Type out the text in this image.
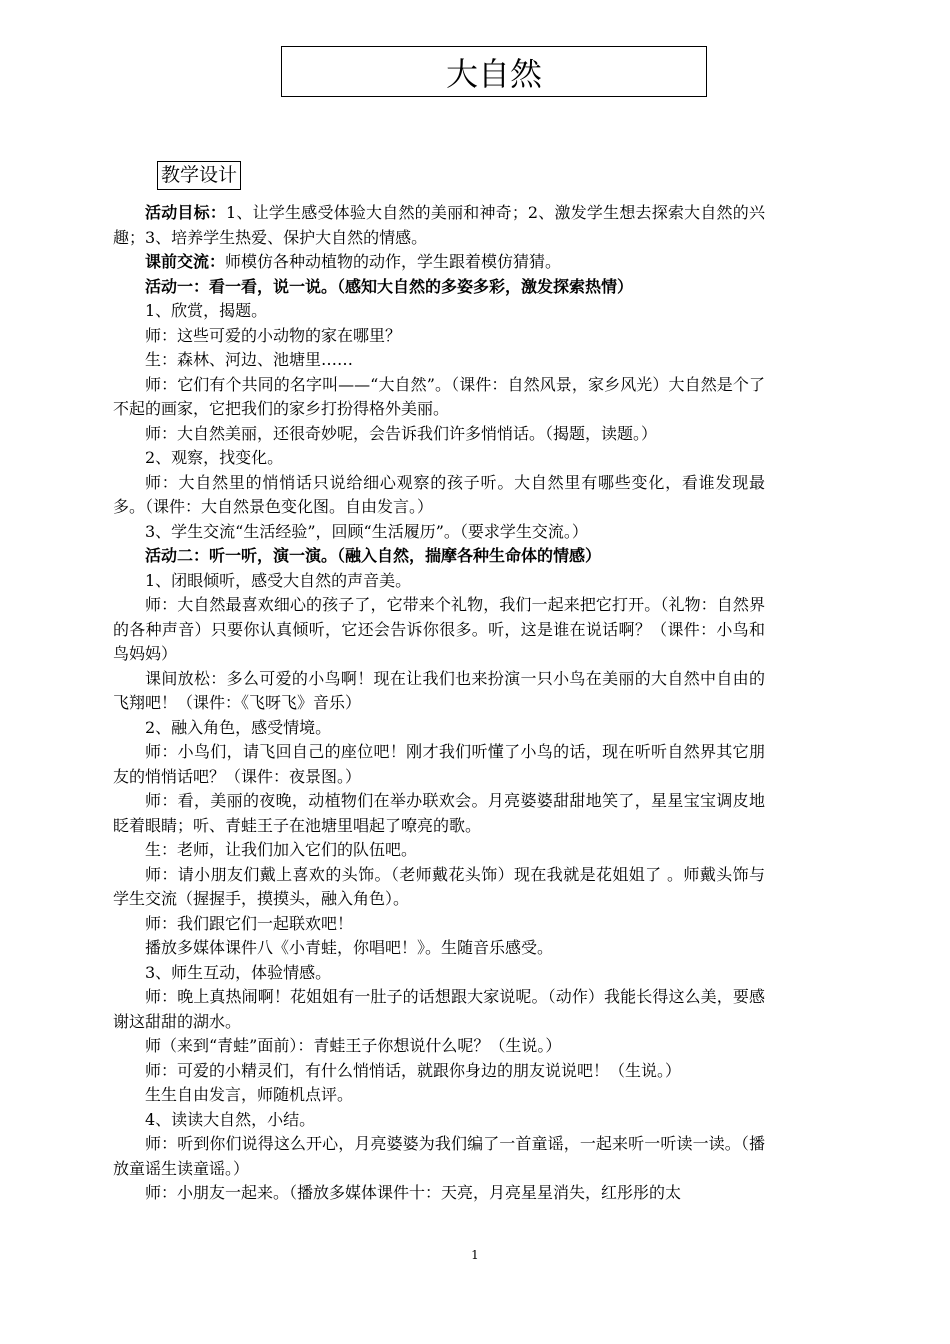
大自然
教学设计

活动目标：1、让学生感受体验大自然的美丽和神奇；2、激发学生想去探索大自然的兴趣；3、培养学生热爱、保护大自然的情感。

课前交流：师模仿各种动植物的动作，学生跟着模仿猜猜。

活动一：看一看，说一说。（感知大自然的多姿多彩，激发探索热情）

1、欣赏，揭题。

师：这些可爱的小动物的家在哪里？

生：森林、河边、池塘里……

师：它们有个共同的名字叫——“大自然”。（课件：自然风景，家乡风光）大自然是个了不起的画家，它把我们的家乡打扮得格外美丽。

师：大自然美丽，还很奇妙呢，会告诉我们许多悄悄话。（揭题，读题。）

2、观察，找变化。

师：大自然里的悄悄话只说给细心观察的孩子听。大自然里有哪些变化，看谁发现最多。（课件：大自然景色变化图。自由发言。）

3、学生交流“生活经验”，回顾“生活履历”。（要求学生交流。）

活动二：听一听，演一演。（融入自然，揣摩各种生命体的情感）

1、闭眼倾听，感受大自然的声音美。

师：大自然最喜欢细心的孩子了，它带来个礼物，我们一起来把它打开。（礼物：自然界的各种声音）只要你认真倾听，它还会告诉你很多。听，这是谁在说话啊？（课件：小鸟和鸟妈妈）

课间放松：多么可爱的小鸟啊！现在让我们也来扮演一只小鸟在美丽的大自然中自由的飞翔吧！（课件：《飞呀飞》音乐）

2、融入角色，感受情境。

师：小鸟们，请飞回自己的座位吧！刚才我们听懂了小鸟的话，现在听听自然界其它朋友的悄悄话吧？（课件：夜景图。）

师：看，美丽的夜晚，动植物们在举办联欢会。月亮婆婆甜甜地笑了，星星宝宝调皮地眨着眼睛；听、青蛙王子在池塘里唱起了嘹亮的歌。

生：老师，让我们加入它们的队伍吧。

师：请小朋友们戴上喜欢的头饰。（老师戴花头饰）现在我就是花姐姐了 。师戴头饰与学生交流（握握手，摸摸头，融入角色）。

师：我们跟它们一起联欢吧！

播放多媒体课件八《小青蛙，你唱吧！》。生随音乐感受。

3、师生互动，体验情感。

师：晚上真热闹啊！花姐姐有一肚子的话想跟大家说呢。（动作）我能长得这么美，要感谢这甜甜的湖水。

师（来到“青蛙”面前）：青蛙王子你想说什么呢？（生说。）

师：可爱的小精灵们，有什么悄悄话，就跟你身边的朋友说说吧！（生说。）

生生自由发言，师随机点评。

4、读读大自然，小结。

师：听到你们说得这么开心，月亮婆婆为我们编了一首童谣，一起来听一听读一读。（播放童谣生读童谣。）

师：小朋友一起来。（播放多媒体课件十：天亮，月亮星星消失，红彤彤的太

1
